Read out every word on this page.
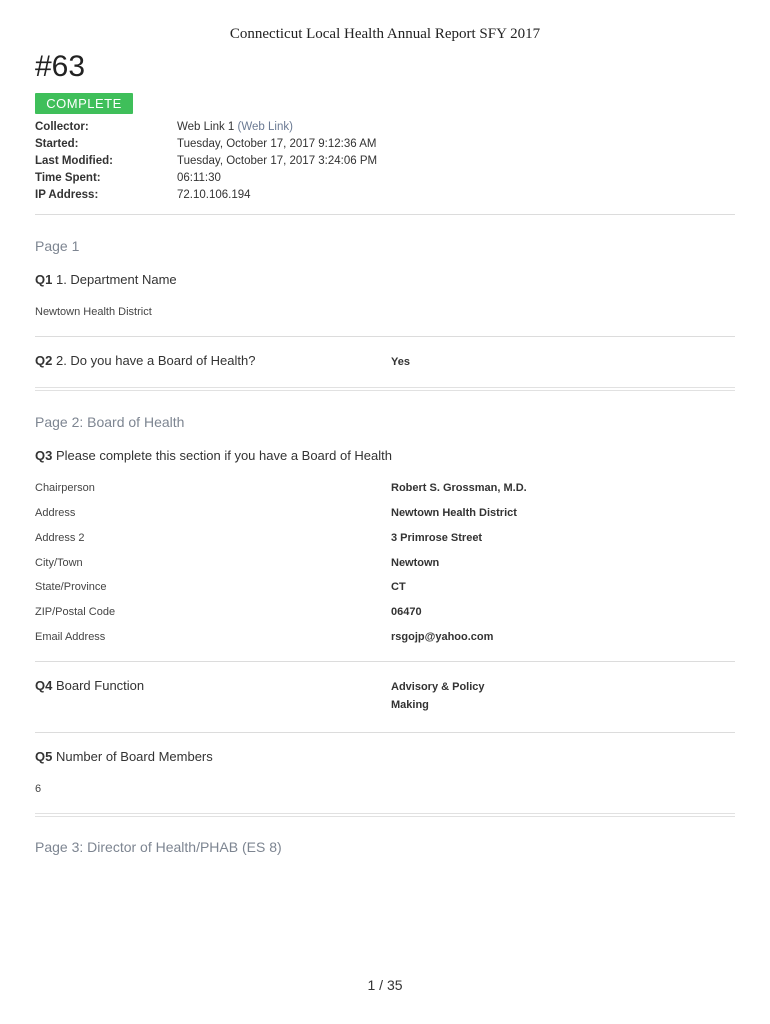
Connecticut Local Health Annual Report SFY 2017
#63
COMPLETE
Collector:	Web Link 1 (Web Link)
Started:	Tuesday, October 17, 2017 9:12:36 AM
Last Modified:	Tuesday, October 17, 2017 3:24:06 PM
Time Spent:	06:11:30
IP Address:	72.10.106.194
Page 1
Q1 1. Department Name
Newtown Health District
Q2 2. Do you have a Board of Health?	Yes
Page 2: Board of Health
Q3 Please complete this section if you have a Board of Health
Chairperson	Robert S. Grossman, M.D.
Address	Newtown Health District
Address 2	3 Primrose Street
City/Town	Newtown
State/Province	CT
ZIP/Postal Code	06470
Email Address	rsgojp@yahoo.com
Q4 Board Function	Advisory & Policy
Making
Q5 Number of Board Members
6
Page 3: Director of Health/PHAB (ES 8)
1 / 35
